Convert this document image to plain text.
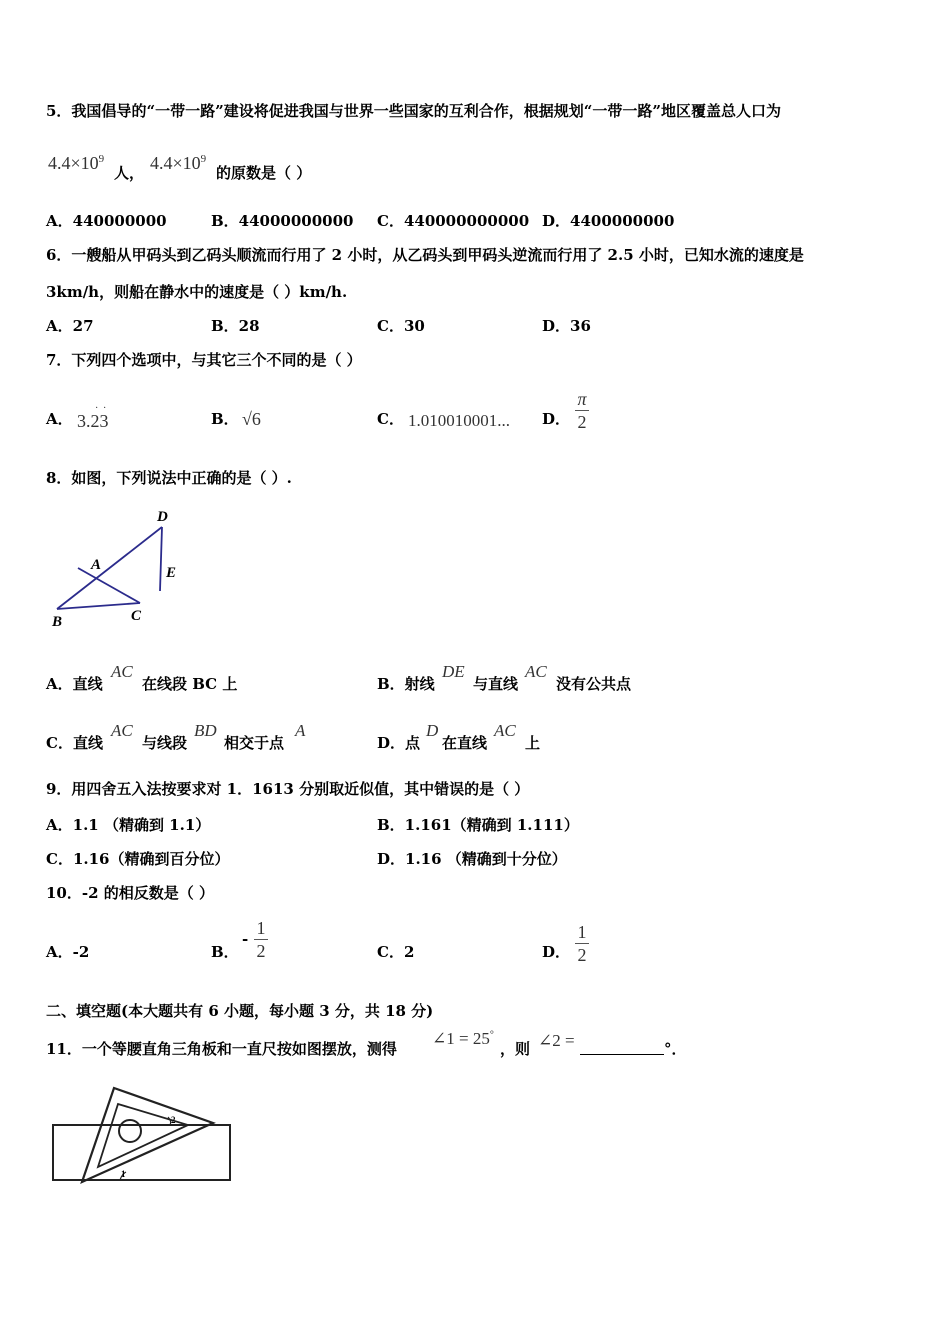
5．我国倡导的“一带一路”建设将促进我国与世界一些国家的互利合作，根据规划“一带一路”地区覆盖总人口为
$4.4\times 10^9$
人， $4.4\times 10^9$
的原数是（ ）
A．440000000	B．44000000000 C．440000000000 D．4400000000
6．一艘船从甲码头到乙码头顺流而行用了 2 小时，从乙码头到甲码头逆流而行用了 2.5 小时，已知水流的速度是
3km/h，则船在静水中的速度是（ ）km/h.
A．27	B．28	C．30	D．36
7．下列四个选项中，与其它三个不同的是（ ）
A． 3.23
· ·
B． √6	C． 1.010010001... D．
π
2
8．如图，下列说法中正确的是（ ）.
D
A	E
B	C
A．直线
AC
在线段 BC 上	B．射线
DE
与直线
AC
没有公共点
C．直线
AC
与线段
BD
相交于点
A
D．点
D
在直线
AC
上
9．用四舍五入法按要求对 1．1613 分别取近似值，其中错误的是（ ）
A．1.1 （精确到 1.1）	B．1.161（精确到 1.111）
C．1.16（精确到百分位）	D．1.16 （精确到十分位）
10．-2 的相反数是（ ）
A．-2	B．
-
1
2	C．2	D．
1
2
二、填空题(本大题共有 6 小题，每小题 3 分，共 18 分)
11．一个等腰直角三角板和一直尺按如图摆放，测得
∠1 = 25°
，则 ∠2 =	°．
2
1
